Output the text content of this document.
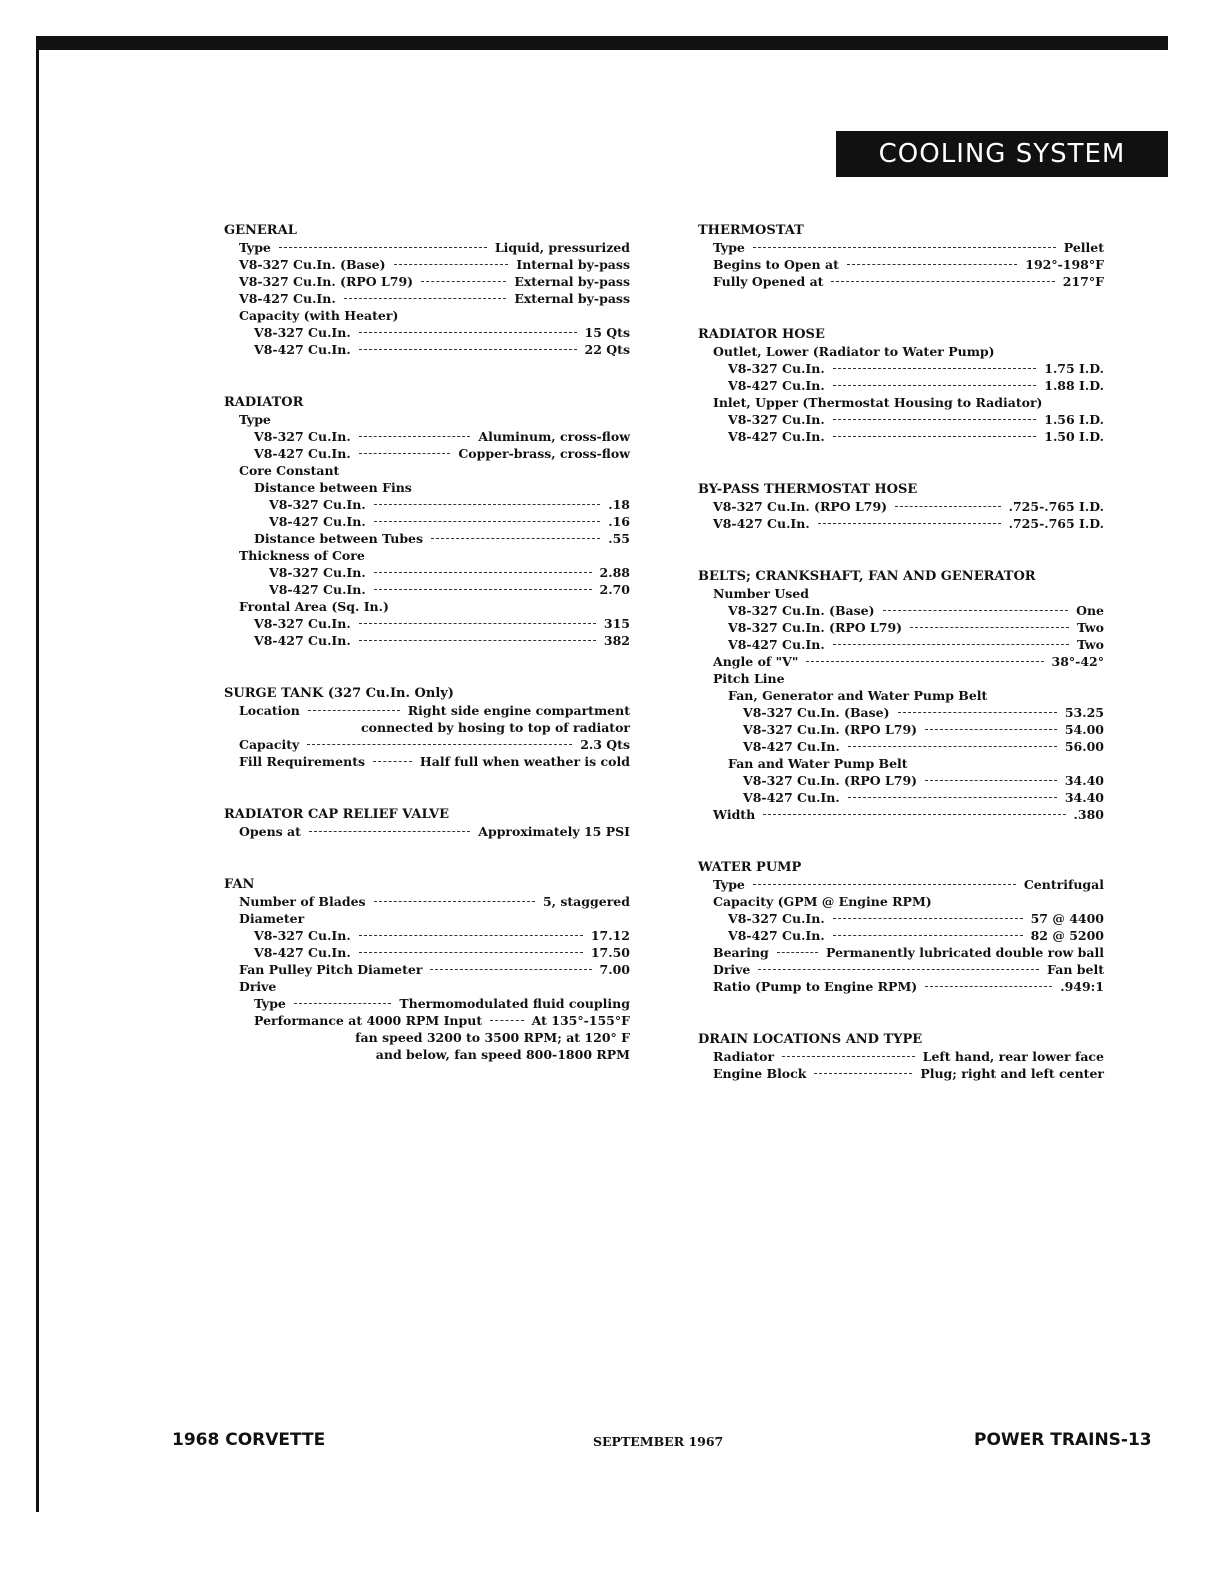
COOLING SYSTEM
GENERAL
Type	Liquid, pressurized
V8-327 Cu.In. (Base)	Internal by-pass
V8-327 Cu.In. (RPO L79)	External by-pass
V8-427 Cu.In.	External by-pass
Capacity (with Heater)
V8-327 Cu.In.	15 Qts
V8-427 Cu.In.	22 Qts
RADIATOR
Type
V8-327 Cu.In.	Aluminum, cross-flow
V8-427 Cu.In.	Copper-brass, cross-flow
Core Constant
Distance between Fins
V8-327 Cu.In.	.18
V8-427 Cu.In.	.16
Distance between Tubes	.55
Thickness of Core
V8-327 Cu.In.	2.88
V8-427 Cu.In.	2.70
Frontal Area (Sq. In.)
V8-327 Cu.In.	315
V8-427 Cu.In.	382
SURGE TANK (327 Cu.In. Only)
Location	Right side engine compartment
connected by hosing to top of radiator
Capacity	2.3 Qts
Fill Requirements	Half full when weather is cold
RADIATOR CAP RELIEF VALVE
Opens at	Approximately 15 PSI
FAN
Number of Blades	5, staggered
Diameter
V8-327 Cu.In.	17.12
V8-427 Cu.In.	17.50
Fan Pulley Pitch Diameter	7.00
Drive
Type	Thermomodulated fluid coupling
Performance at 4000 RPM Input	At 135°-155°F
fan speed 3200 to 3500 RPM; at 120° F
and below, fan speed 800-1800 RPM
THERMOSTAT
Type	Pellet
Begins to Open at	192°-198°F
Fully Opened at	217°F
RADIATOR HOSE
Outlet, Lower (Radiator to Water Pump)
V8-327 Cu.In.	1.75 I.D.
V8-427 Cu.In.	1.88 I.D.
Inlet, Upper (Thermostat Housing to Radiator)
V8-327 Cu.In.	1.56 I.D.
V8-427 Cu.In.	1.50 I.D.
BY-PASS THERMOSTAT HOSE
V8-327 Cu.In. (RPO L79)	.725-.765 I.D.
V8-427 Cu.In.	.725-.765 I.D.
BELTS; CRANKSHAFT, FAN AND GENERATOR
Number Used
V8-327 Cu.In. (Base)	One
V8-327 Cu.In. (RPO L79)	Two
V8-427 Cu.In.	Two
Angle of "V"	38°-42°
Pitch Line
Fan, Generator and Water Pump Belt
V8-327 Cu.In. (Base)	53.25
V8-327 Cu.In. (RPO L79)	54.00
V8-427 Cu.In.	56.00
Fan and Water Pump Belt
V8-327 Cu.In. (RPO L79)	34.40
V8-427 Cu.In.	34.40
Width	.380
WATER PUMP
Type	Centrifugal
Capacity (GPM @ Engine RPM)
V8-327 Cu.In.	57 @ 4400
V8-427 Cu.In.	82 @ 5200
Bearing	Permanently lubricated double row ball
Drive	Fan belt
Ratio (Pump to Engine RPM)	.949:1
DRAIN LOCATIONS AND TYPE
Radiator	Left hand, rear lower face
Engine Block	Plug; right and left center
1968 CORVETTE	SEPTEMBER 1967	POWER TRAINS-13
